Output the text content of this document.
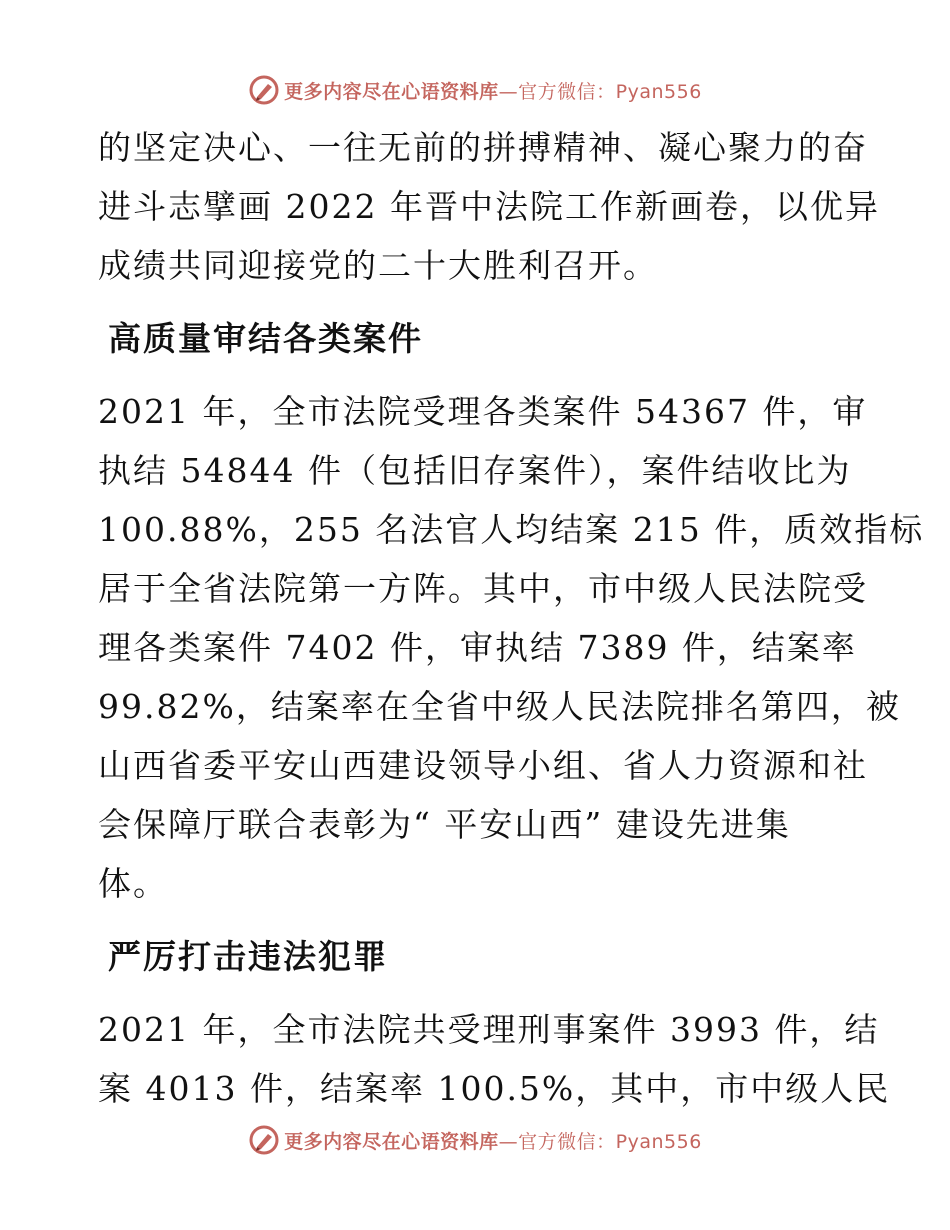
更多内容尽在心语资料库—官方微信：Pyan556
的坚定决心、一往无前的拼搏精神、凝心聚力的奋
进斗志擘画 2022 年晋中法院工作新画卷，以优异
成绩共同迎接党的二十大胜利召开。
高质量审结各类案件
2021 年，全市法院受理各类案件 54367 件，审
执结 54844 件（包括旧存案件），案件结收比为
100.88%，255 名法官人均结案 215 件，质效指标
居于全省法院第一方阵。其中，市中级人民法院受
理各类案件 7402 件，审执结 7389 件，结案率
99.82%，结案率在全省中级人民法院排名第四，被
山西省委平安山西建设领导小组、省人力资源和社
会保障厅联合表彰为“ 平安山西” 建设先进集
体。
严厉打击违法犯罪
2021 年，全市法院共受理刑事案件 3993 件，结
案 4013 件，结案率 100.5%，其中，市中级人民
更多内容尽在心语资料库—官方微信：Pyan556
